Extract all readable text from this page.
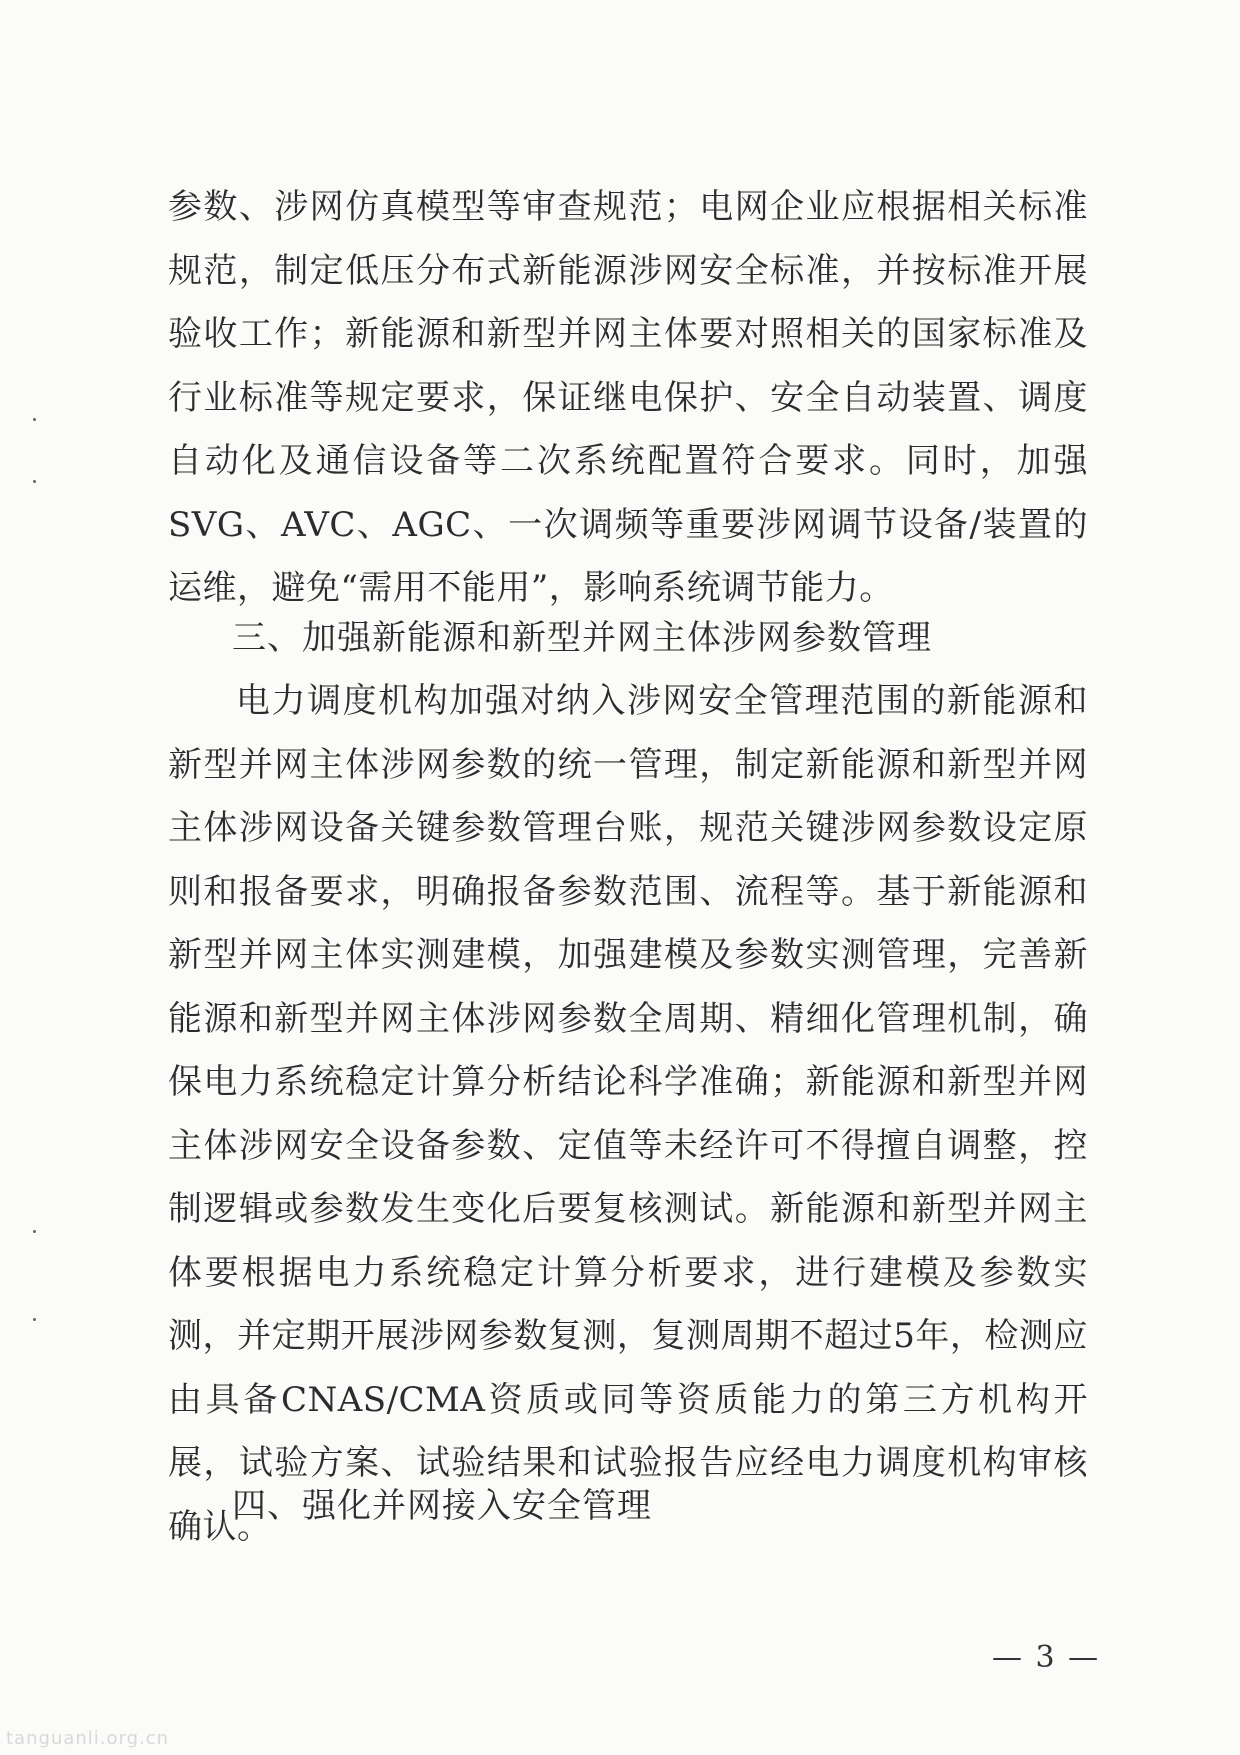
参数、涉网仿真模型等审查规范；电网企业应根据相关标准规范，制定低压分布式新能源涉网安全标准，并按标准开展验收工作；新能源和新型并网主体要对照相关的国家标准及行业标准等规定要求，保证继电保护、安全自动装置、调度自动化及通信设备等二次系统配置符合要求。同时，加强SVG、AVC、AGC、一次调频等重要涉网调节设备/装置的运维，避免“需用不能用”，影响系统调节能力。

三、加强新能源和新型并网主体涉网参数管理

电力调度机构加强对纳入涉网安全管理范围的新能源和新型并网主体涉网参数的统一管理，制定新能源和新型并网主体涉网设备关键参数管理台账，规范关键涉网参数设定原则和报备要求，明确报备参数范围、流程等。基于新能源和新型并网主体实测建模，加强建模及参数实测管理，完善新能源和新型并网主体涉网参数全周期、精细化管理机制，确保电力系统稳定计算分析结论科学准确；新能源和新型并网主体涉网安全设备参数、定值等未经许可不得擅自调整，控制逻辑或参数发生变化后要复核测试。新能源和新型并网主体要根据电力系统稳定计算分析要求，进行建模及参数实测，并定期开展涉网参数复测，复测周期不超过5年，检测应由具备CNAS/CMA资质或同等资质能力的第三方机构开展，试验方案、试验结果和试验报告应经电力调度机构审核确认。

四、强化并网接入安全管理
— 3 —
tanguanli.org.cn
